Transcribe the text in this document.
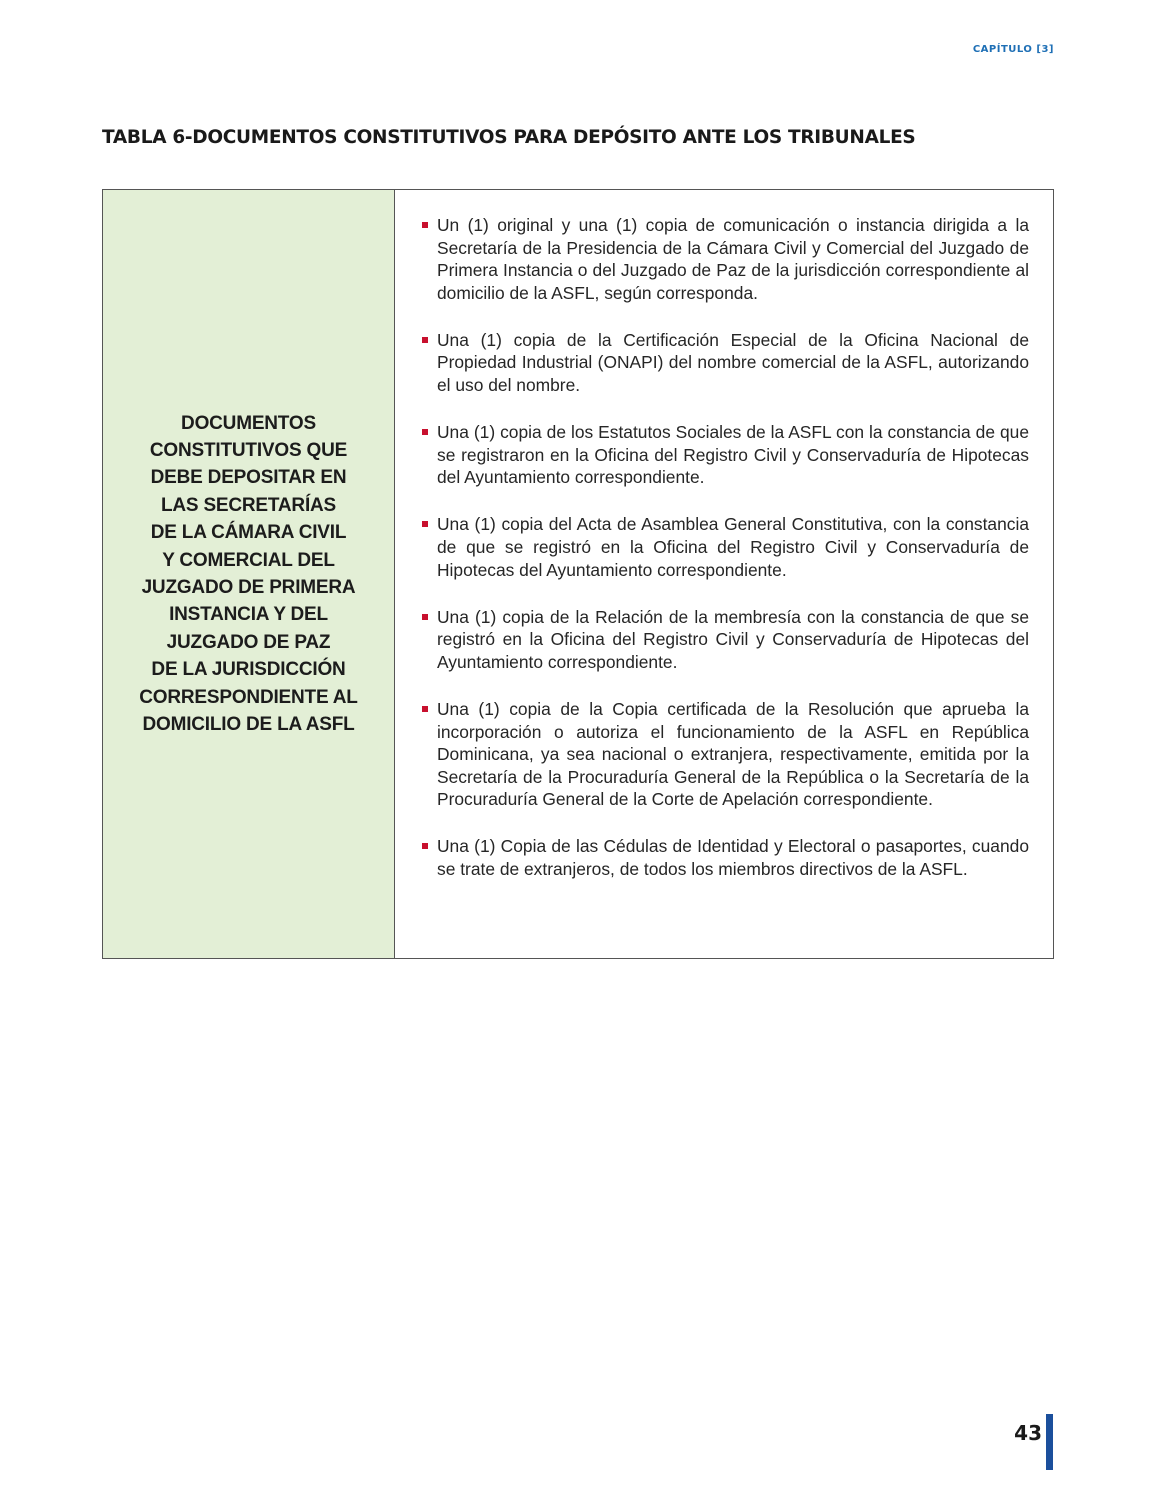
CAPÍTULO [3]
TABLA 6-DOCUMENTOS CONSTITUTIVOS PARA DEPÓSITO ANTE LOS TRIBUNALES
DOCUMENTOS
CONSTITUTIVOS QUE
DEBE DEPOSITAR EN
LAS SECRETARÍAS
DE LA CÁMARA CIVIL
Y COMERCIAL DEL
JUZGADO DE PRIMERA
INSTANCIA Y DEL
JUZGADO DE PAZ
DE LA JURISDICCIÓN
CORRESPONDIENTE AL
DOMICILIO DE LA ASFL
Un (1) original y una (1) copia de comunicación o instancia dirigida a la Secretaría de la Presidencia de la Cámara Civil y Comercial del Juzgado de Primera Instancia o del Juzgado de Paz de la jurisdicción correspondiente al domicilio de la ASFL, según corresponda.
Una (1) copia de la Certificación Especial de la Oficina Nacional de Propiedad Industrial (ONAPI) del nombre comercial de la ASFL, autorizando el uso del nombre.
Una (1) copia de los Estatutos Sociales de la ASFL con la constancia de que se registraron en la Oficina del Registro Civil y Conservaduría de Hipotecas del Ayuntamiento correspondiente.
Una (1) copia del Acta de Asamblea General Constitutiva, con la constancia de que se registró en la Oficina del Registro Civil y Conservaduría de Hipotecas del Ayuntamiento correspondiente.
Una (1) copia de la Relación de la membresía con la constancia de que se registró en la Oficina del Registro Civil y Conservaduría de Hipotecas del Ayuntamiento correspondiente.
Una (1) copia de la Copia certificada de la Resolución que aprueba la incorporación o autoriza el funcionamiento de la ASFL en República Dominicana, ya sea nacional o extranjera, respectivamente, emitida por la Secretaría de la Procuraduría General de la República o la Secretaría de la Procuraduría General de la Corte de Apelación correspondiente.
Una (1) Copia de las Cédulas de Identidad y Electoral o pasaportes, cuando se trate de extranjeros, de todos los miembros directivos de la ASFL.
43
